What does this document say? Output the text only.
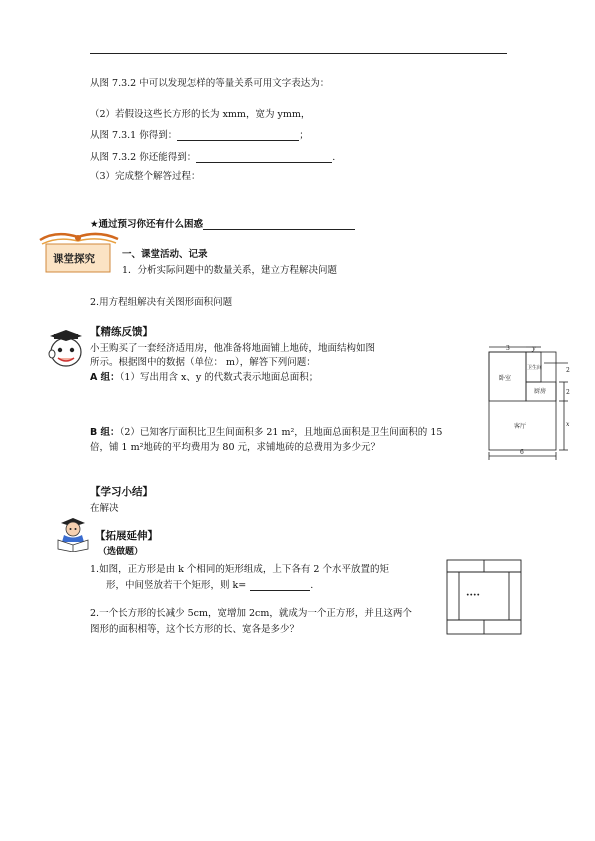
从图 7.3.2 中可以发现怎样的等量关系可用文字表达为：
（2）若假设这些长方形的长为 xmm，宽为 ymm，
从图 7.3.1 你得到：	；
从图 7.3.2 你还能得到：	.
（3）完成整个解答过程：
★通过预习你还有什么困惑
课堂探究	一、课堂活动、记录
1．分析实际问题中的数量关系，建立方程解决问题
2.用方程组解决有关图形面积问题
【精练反馈】
小王购买了一套经济适用房，他准备将地面铺上地砖，地面结构如图
所示。根据图中的数据（单位： m），解答下列问题：
A 组：（1）写出用含 x、y 的代数式表示地面总面积；
B 组：（2）已知客厅面积比卫生间面积多 21 m²，且地面总面积是卫生间面积的 15
倍，铺 1 m²地砖的平均费用为 80 元，求铺地砖的总费用为多少元？
3	y
2
2
x
6
卫生间
卧室
厨房
客厅
【学习小结】
在解决
【拓展延伸】
（选做题）
1.如图，正方形是由 k 个相同的矩形组成，上下各有 2 个水平放置的矩
形，中间竖放若干个矩形，则 k=	.
2.一个长方形的长减少 5cm，宽增加 2cm，就成为一个正方形，并且这两个
图形的面积相等，这个长方形的长、宽各是多少？
····
